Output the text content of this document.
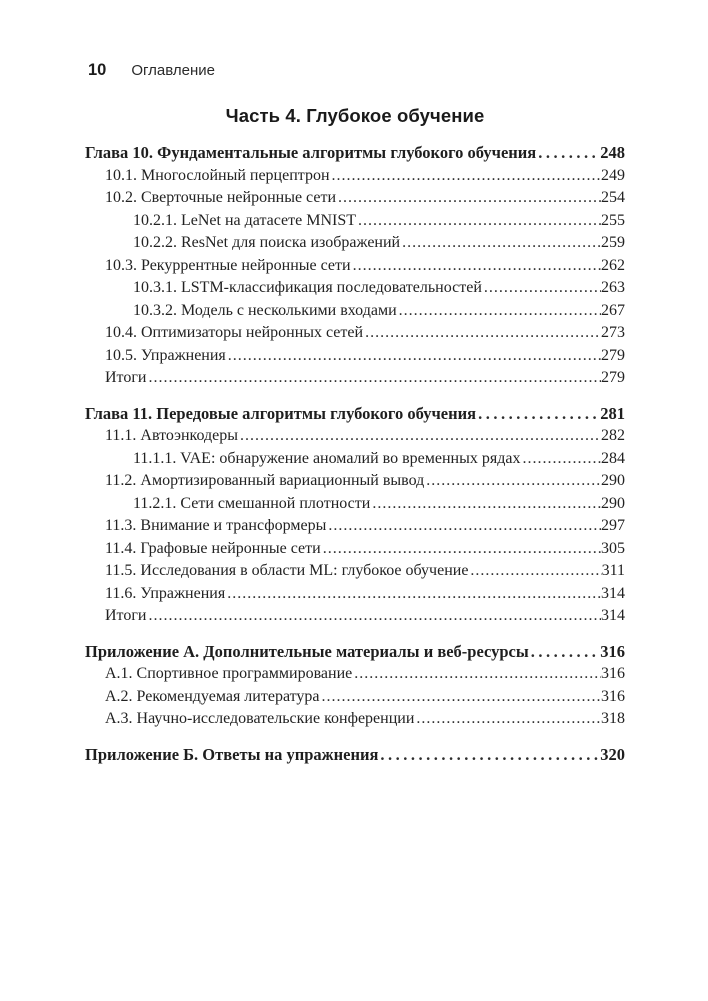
10 Оглавление
Часть 4. Глубокое обучение
Глава 10. Фундаментальные алгоритмы глубокого обучения .....	248
10.1. Многослойный перцептрон .....	249
10.2. Сверточные нейронные сети .....	254
10.2.1. LeNet на датасете MNIST .....	255
10.2.2. ResNet для поиска изображений .....	259
10.3. Рекуррентные нейронные сети .....	262
10.3.1. LSTM-классификация последовательностей .....	263
10.3.2. Модель с несколькими входами .....	267
10.4. Оптимизаторы нейронных сетей .....	273
10.5. Упражнения .....	279
Итоги .....	279
Глава 11. Передовые алгоритмы глубокого обучения .....	281
11.1. Автоэнкодеры .....	282
11.1.1. VAE: обнаружение аномалий во временных рядах .....	284
11.2. Амортизированный вариационный вывод .....	290
11.2.1. Сети смешанной плотности .....	290
11.3. Внимание и трансформеры .....	297
11.4. Графовые нейронные сети .....	305
11.5. Исследования в области ML: глубокое обучение .....	311
11.6. Упражнения .....	314
Итоги .....	314
Приложение А. Дополнительные материалы и веб-ресурсы .....	316
А.1. Спортивное программирование .....	316
А.2. Рекомендуемая литература .....	316
А.3. Научно-исследовательские конференции .....	318
Приложение Б. Ответы на упражнения .....	320
